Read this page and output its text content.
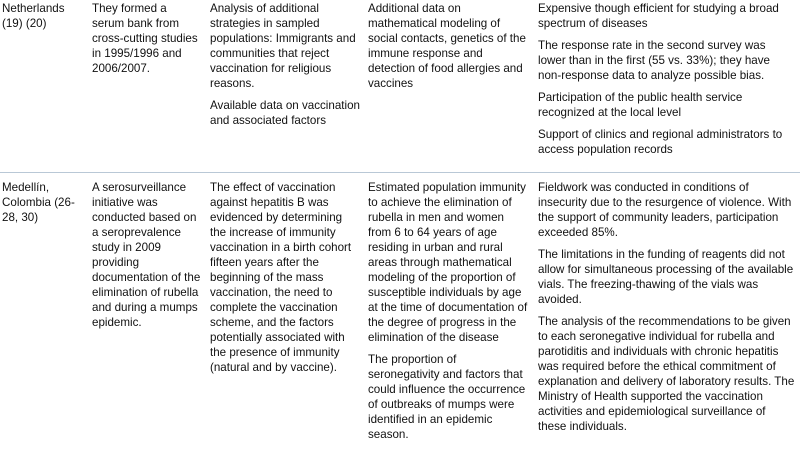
Netherlands (19) (20)
They formed a serum bank from cross-cutting studies in 1995/1996 and 2006/2007.
Analysis of additional strategies in sampled populations: Immigrants and communities that reject vaccination for religious reasons.
Available data on vaccination and associated factors
Additional data on mathematical modeling of social contacts, genetics of the immune response and detection of food allergies and vaccines
Expensive though efficient for studying a broad spectrum of diseases
The response rate in the second survey was lower than in the first (55 vs. 33%); they have non-response data to analyze possible bias.
Participation of the public health service recognized at the local level
Support of clinics and regional administrators to access population records
Medellín, Colombia (26-28, 30)
A serosurveillance initiative was conducted based on a seroprevalence study in 2009 providing documentation of the elimination of rubella and during a mumps epidemic.
The effect of vaccination against hepatitis B was evidenced by determining the increase of immunity vaccination in a birth cohort fifteen years after the beginning of the mass vaccination, the need to complete the vaccination scheme, and the factors potentially associated with the presence of immunity (natural and by vaccine).
Estimated population immunity to achieve the elimination of rubella in men and women from 6 to 64 years of age residing in urban and rural areas through mathematical modeling of the proportion of susceptible individuals by age at the time of documentation of the degree of progress in the elimination of the disease
The proportion of seronegativity and factors that could influence the occurrence of outbreaks of mumps were identified in an epidemic season.
Fieldwork was conducted in conditions of insecurity due to the resurgence of violence. With the support of community leaders, participation exceeded 85%.
The limitations in the funding of reagents did not allow for simultaneous processing of the available vials. The freezing-thawing of the vials was avoided.
The analysis of the recommendations to be given to each seronegative individual for rubella and parotiditis and individuals with chronic hepatitis was required before the ethical commitment of explanation and delivery of laboratory results. The Ministry of Health supported the vaccination activities and epidemiological surveillance of these individuals.
